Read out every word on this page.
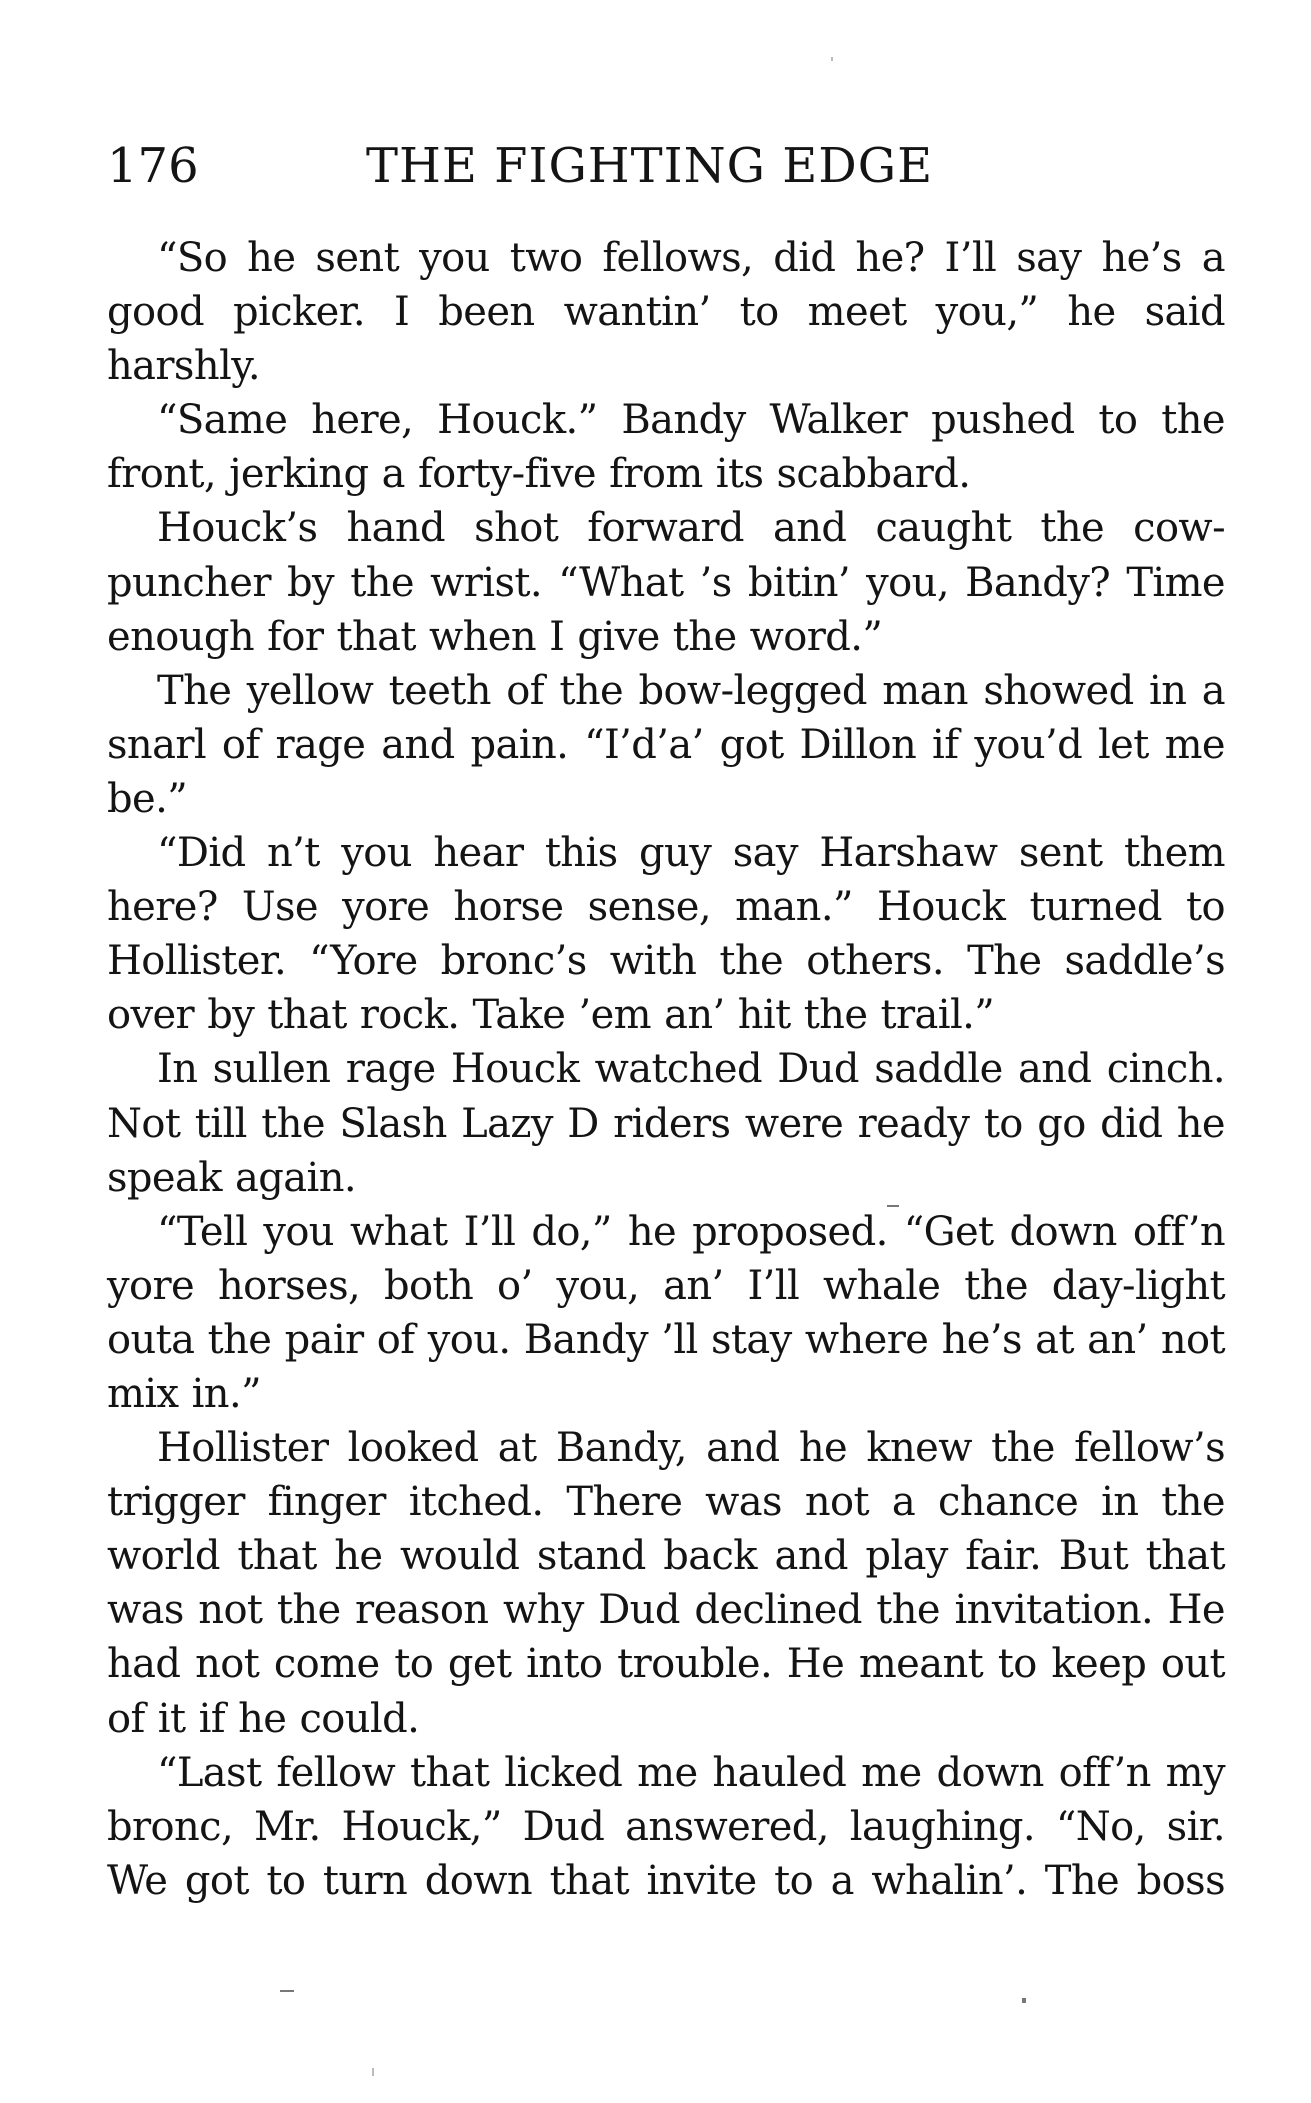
176	THE FIGHTING EDGE

“So he sent you two fellows, did he? I’ll say he’s a good picker. I been wantin’ to meet you,” he said harshly.

“Same here, Houck.” Bandy Walker pushed to the front, jerking a forty-five from its scabbard.

Houck’s hand shot forward and caught the cow-puncher by the wrist. “What ’s bitin’ you, Bandy? Time enough for that when I give the word.”

The yellow teeth of the bow-legged man showed in a snarl of rage and pain. “I’d’a’ got Dillon if you’d let me be.”

“Did n’t you hear this guy say Harshaw sent them here? Use yore horse sense, man.” Houck turned to Hollister. “Yore bronc’s with the others. The saddle’s over by that rock. Take ’em an’ hit the trail.”

In sullen rage Houck watched Dud saddle and cinch. Not till the Slash Lazy D riders were ready to go did he speak again.

“Tell you what I’ll do,” he proposed. “Get down off’n yore horses, both o’ you, an’ I’ll whale the day-light outa the pair of you. Bandy ’ll stay where he’s at an’ not mix in.”

Hollister looked at Bandy, and he knew the fellow’s trigger finger itched. There was not a chance in the world that he would stand back and play fair. But that was not the reason why Dud declined the invitation. He had not come to get into trouble. He meant to keep out of it if he could.

“Last fellow that licked me hauled me down off’n my bronc, Mr. Houck,” Dud answered, laughing. “No, sir. We got to turn down that invite to a whalin’. The boss
